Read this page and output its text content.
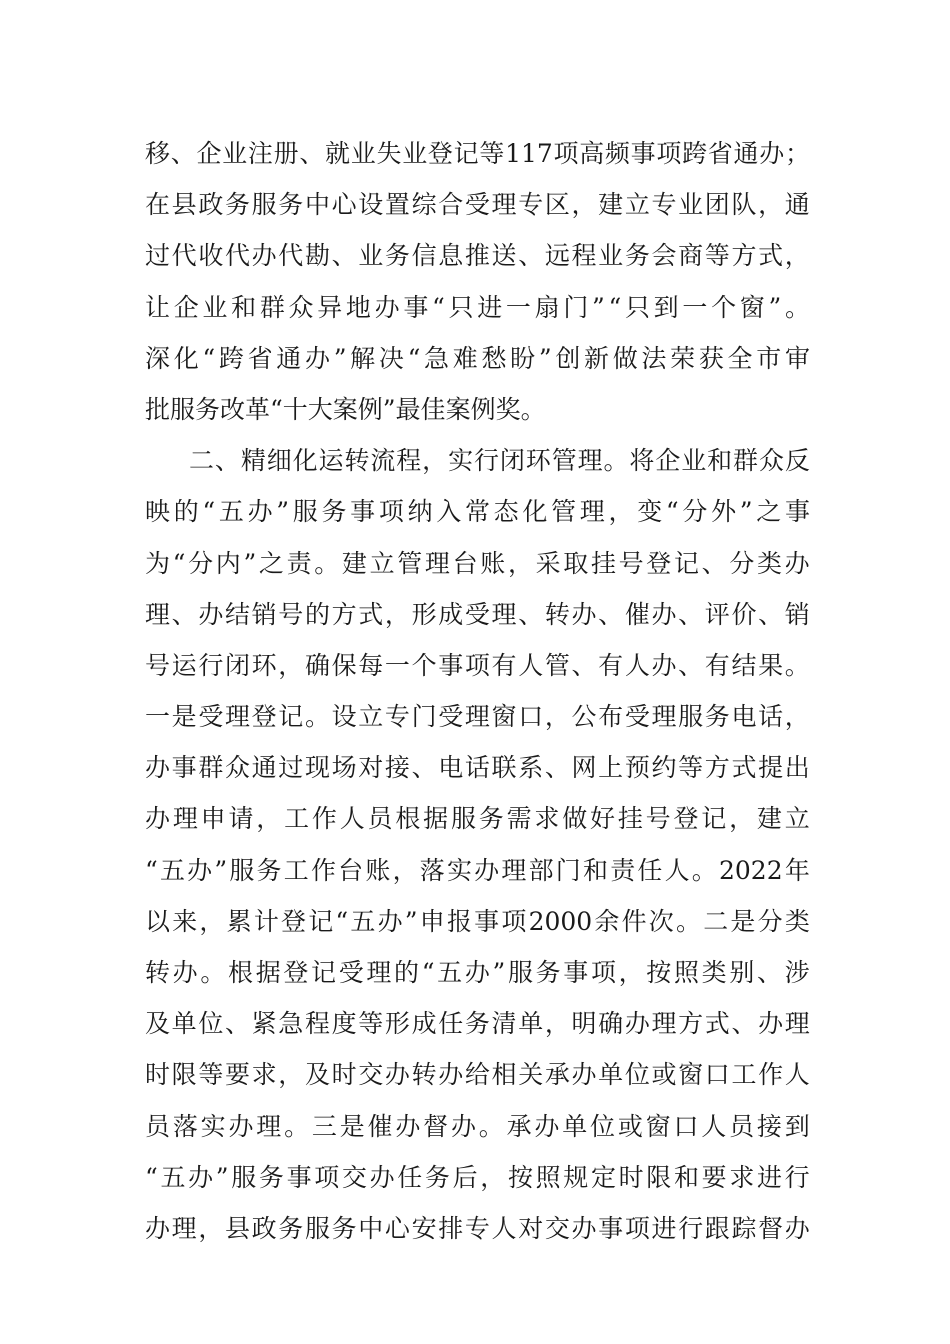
移 、 企 业 注 册 、 就 业 失 业 登 记 等 117 项 高 频 事 项 跨 省 通 办 ；
在 县 政 务 服 务 中 心 设 置 综 合 受 理 专 区 ， 建 立 专 业 团 队 ， 通
过 代 收 代 办 代 勘 、 业 务 信 息 推 送 、 远 程 业 务 会 商 等 方 式 ，
让 企 业 和 群 众 异 地 办 事 “ 只 进 一 扇 门 ” “ 只 到 一 个 窗 ” 。
深 化 “ 跨 省 通 办 ” 解 决 “ 急 难 愁 盼 ” 创 新 做 法 荣 获 全 市 审
批服务改革“十大案例”最佳案例奖。
二 、 精 细 化 运 转 流 程 ， 实 行 闭 环 管 理 。 将 企 业 和 群 众 反
映 的 “ 五 办 ” 服 务 事 项 纳 入 常 态 化 管 理 ， 变 “ 分 外 ” 之 事
为 “ 分 内 ” 之 责 。 建 立 管 理 台 账 ， 采 取 挂 号 登 记 、 分 类 办
理 、 办 结 销 号 的 方 式 ， 形 成 受 理 、 转 办 、 催 办 、 评 价 、 销
号 运 行 闭 环 ， 确 保 每 一 个 事 项 有 人 管 、 有 人 办 、 有 结 果 。
一 是 受 理 登 记 。 设 立 专 门 受 理 窗 口 ， 公 布 受 理 服 务 电 话 ，
办 事 群 众 通 过 现 场 对 接 、 电 话 联 系 、 网 上 预 约 等 方 式 提 出
办 理 申 请 ， 工 作 人 员 根 据 服 务 需 求 做 好 挂 号 登 记 ， 建 立
“ 五 办 ” 服 务 工 作 台 账 ， 落 实 办 理 部 门 和 责 任 人 。 2022 年
以 来 ， 累 计 登 记 “ 五 办 ” 申 报 事 项 2000 余 件 次 。 二 是 分 类
转 办 。 根 据 登 记 受 理 的 “ 五 办 ” 服 务 事 项 ， 按 照 类 别 、 涉
及 单 位 、 紧 急 程 度 等 形 成 任 务 清 单 ， 明 确 办 理 方 式 、 办 理
时 限 等 要 求 ， 及 时 交 办 转 办 给 相 关 承 办 单 位 或 窗 口 工 作 人
员 落 实 办 理 。 三 是 催 办 督 办 。 承 办 单 位 或 窗 口 人 员 接 到
“ 五 办 ” 服 务 事 项 交 办 任 务 后 ， 按 照 规 定 时 限 和 要 求 进 行
办 理 ， 县 政 务 服 务 中 心 安 排 专 人 对 交 办 事 项 进 行 跟 踪 督 办
